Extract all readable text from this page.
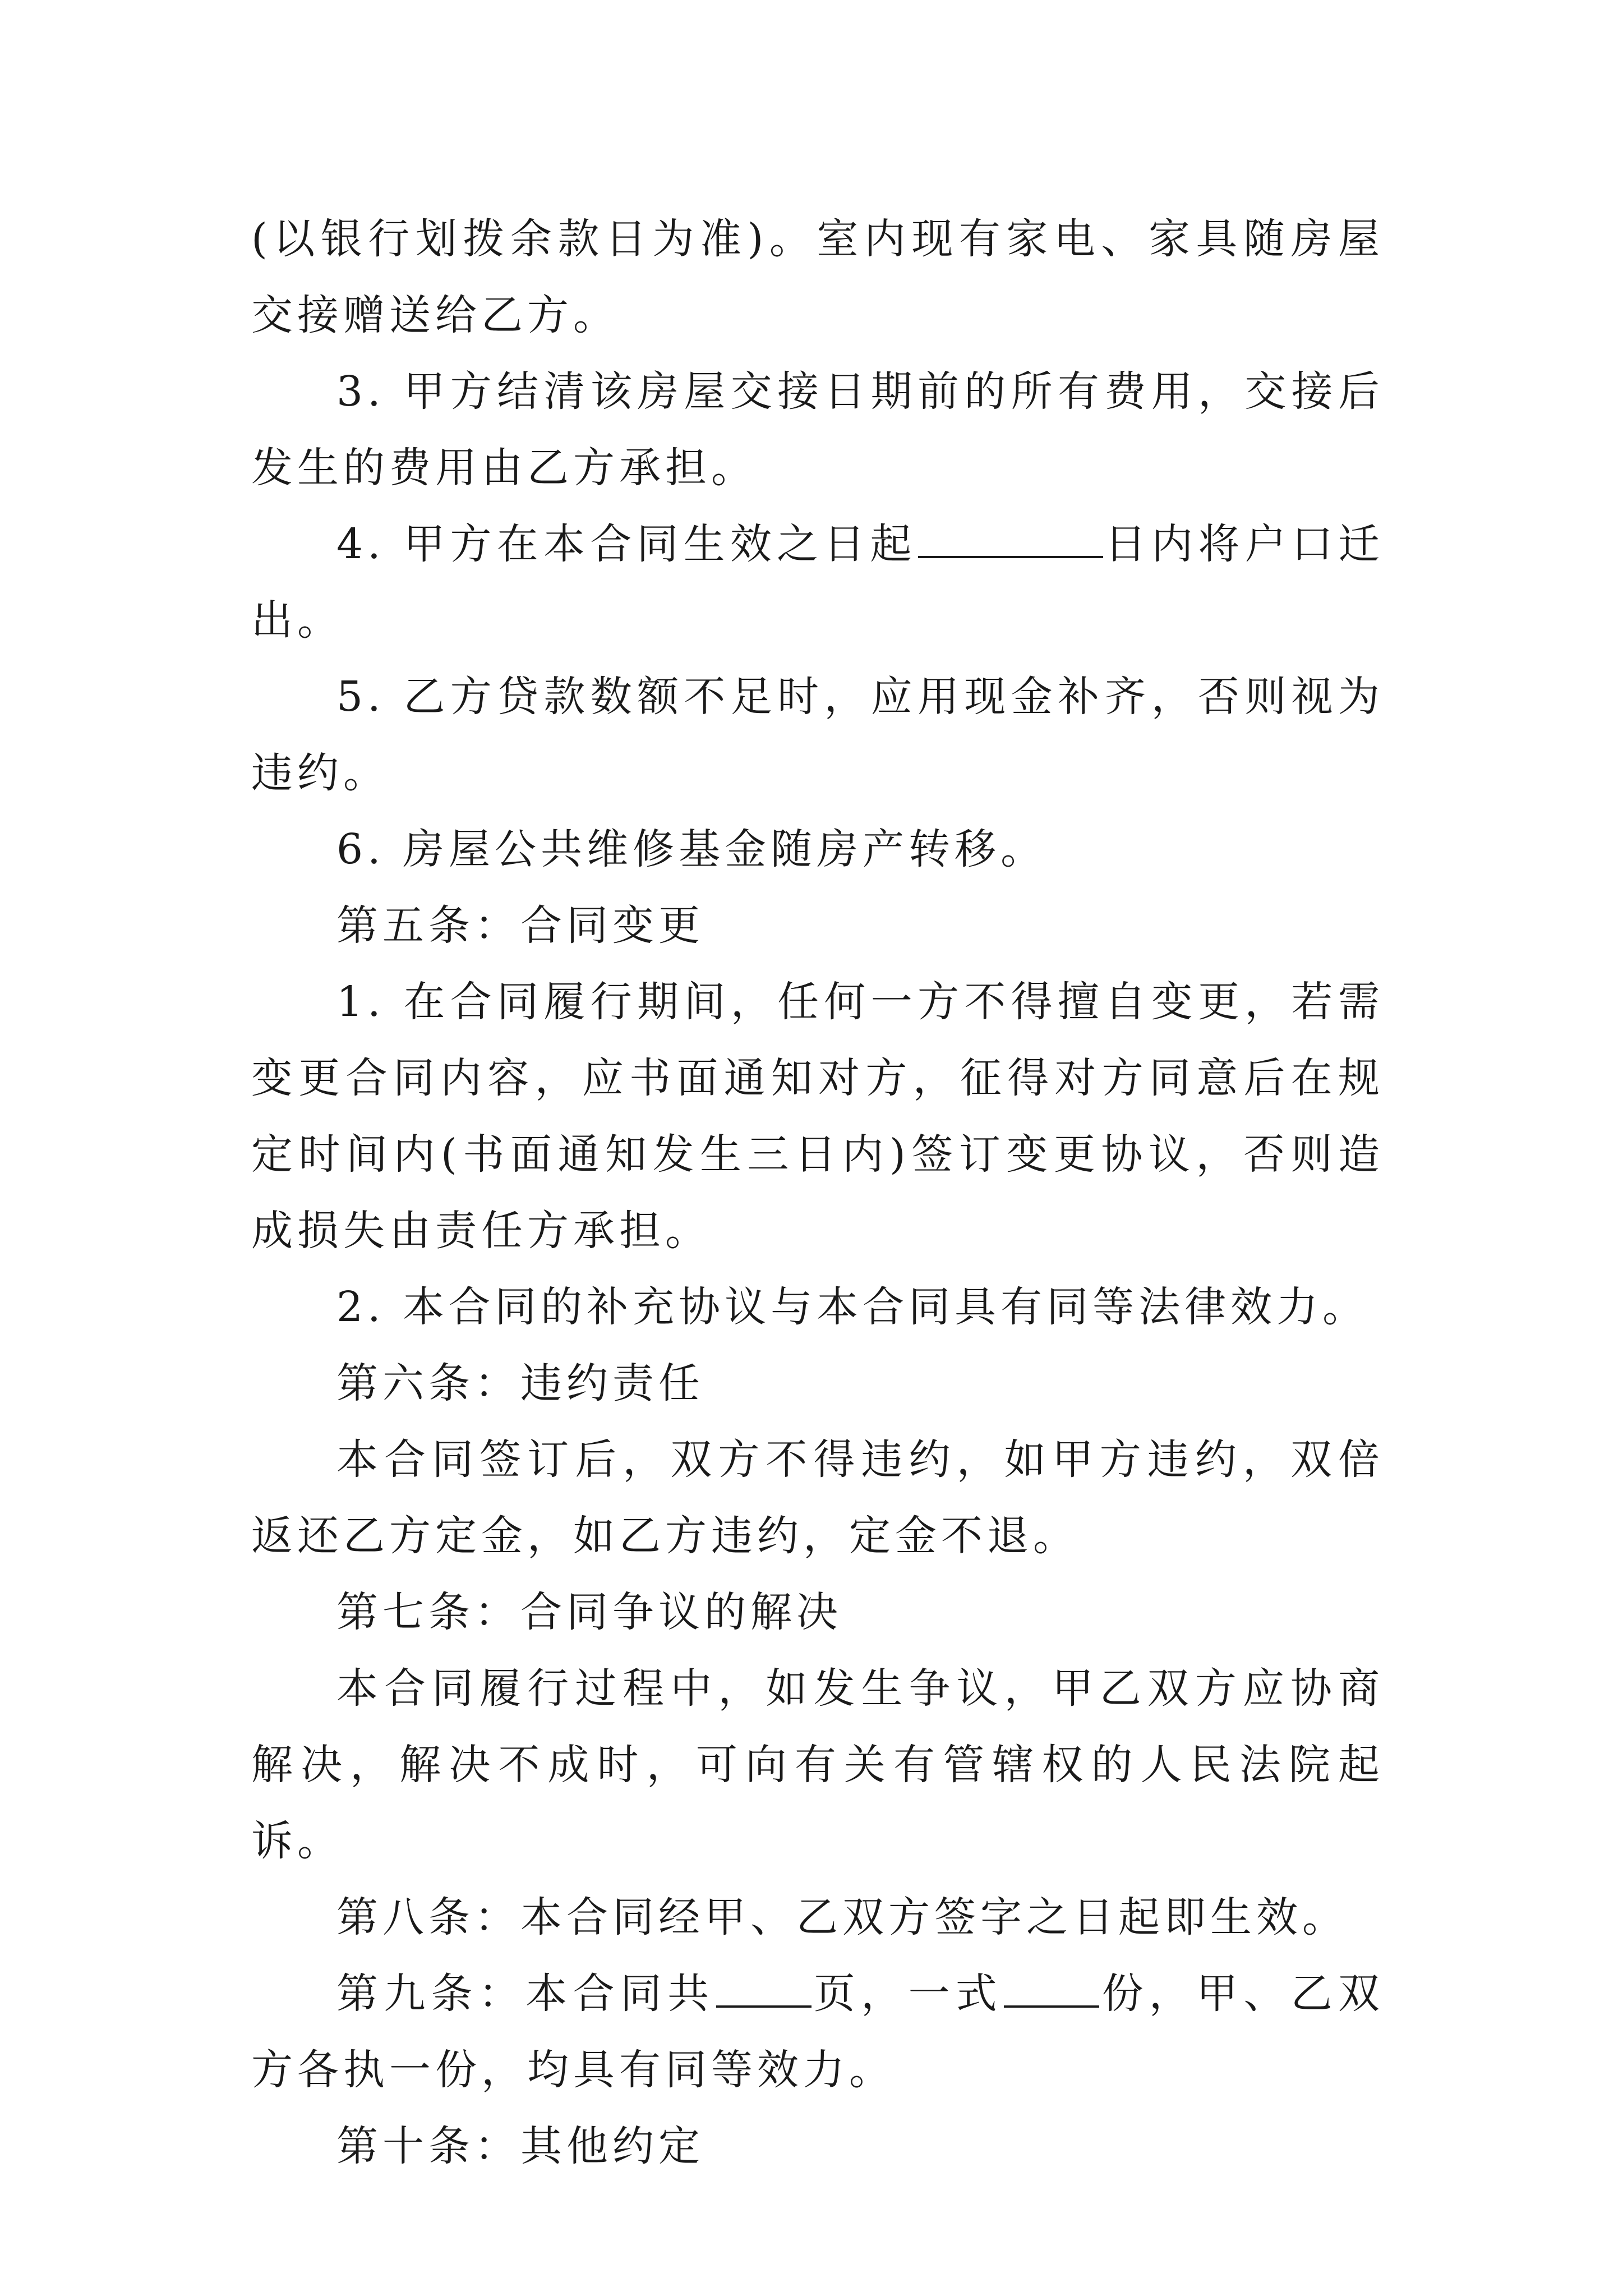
(以银行划拨余款日为准)。室内现有家电、家具随房屋交接赠送给乙方。

3. 甲方结清该房屋交接日期前的所有费用，交接后发生的费用由乙方承担。

4. 甲方在本合同生效之日起	日内将户口迁出。

5. 乙方贷款数额不足时，应用现金补齐，否则视为违约。

6. 房屋公共维修基金随房产转移。

第五条：合同变更

1. 在合同履行期间，任何一方不得擅自变更，若需变更合同内容，应书面通知对方，征得对方同意后在规定时间内(书面通知发生三日内)签订变更协议，否则造成损失由责任方承担。

2. 本合同的补充协议与本合同具有同等法律效力。

第六条：违约责任

本合同签订后，双方不得违约，如甲方违约，双倍返还乙方定金，如乙方违约，定金不退。

第七条：合同争议的解决

本合同履行过程中，如发生争议，甲乙双方应协商解决，解决不成时，可向有关有管辖权的人民法院起诉。

第八条：本合同经甲、乙双方签字之日起即生效。

第九条：本合同共 页，一式 份，甲、乙双方各执一份，均具有同等效力。

第十条：其他约定
